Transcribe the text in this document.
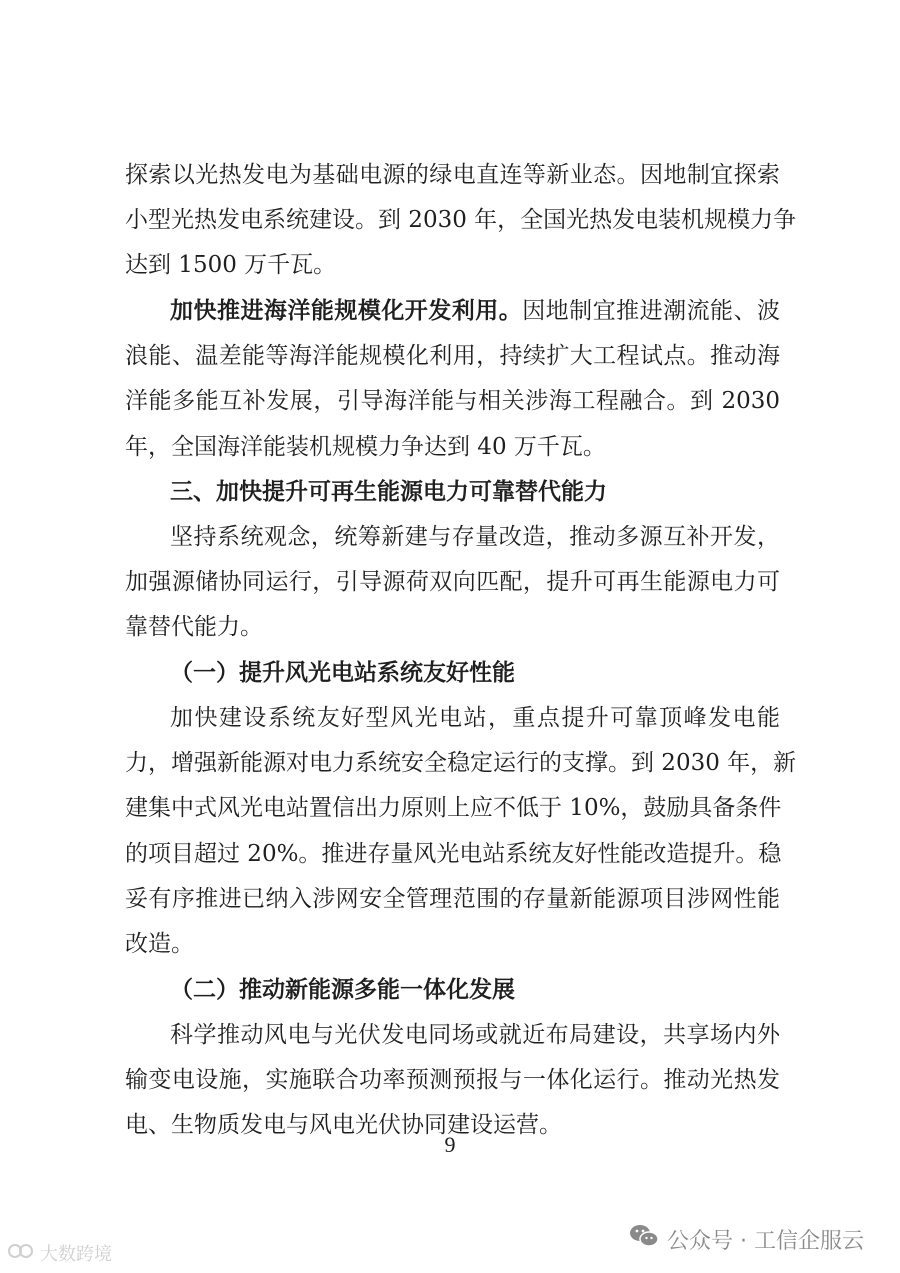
探索以光热发电为基础电源的绿电直连等新业态。因地制宜探索
小型光热发电系统建设。到 2030 年，全国光热发电装机规模力争
达到 1500 万千瓦。
加快推进海洋能规模化开发利用。因地制宜推进潮流能、波
浪能、温差能等海洋能规模化利用，持续扩大工程试点。推动海
洋能多能互补发展，引导海洋能与相关涉海工程融合。到 2030
年，全国海洋能装机规模力争达到 40 万千瓦。
三、加快提升可再生能源电力可靠替代能力
坚持系统观念，统筹新建与存量改造，推动多源互补开发，
加强源储协同运行，引导源荷双向匹配，提升可再生能源电力可
靠替代能力。
（一）提升风光电站系统友好性能
加快建设系统友好型风光电站，重点提升可靠顶峰发电能
力，增强新能源对电力系统安全稳定运行的支撑。到 2030 年，新
建集中式风光电站置信出力原则上应不低于 10%，鼓励具备条件
的项目超过 20%。推进存量风光电站系统友好性能改造提升。稳
妥有序推进已纳入涉网安全管理范围的存量新能源项目涉网性能
改造。
（二）推动新能源多能一体化发展
科学推动风电与光伏发电同场或就近布局建设，共享场内外
输变电设施，实施联合功率预测预报与一体化运行。推动光热发
电、生物质发电与风电光伏协同建设运营。
9
大数跨境
公众号 · 工信企服云
